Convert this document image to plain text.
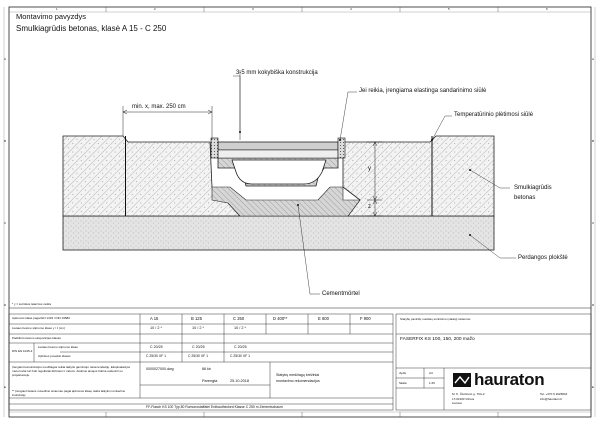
Montavimo pavyzdys
Smulkiagrūdis betonas, klasė A 15 - C 250
1	2	3	4	5	6
A
B
C
D
E
A
B
C
D
E
3-5 mm kokybiška konstrukcija
min. x, max. 250 cm
Jei reikia, įrengiama elastinga sandarinimo siūlė
Temperatūrinio plėtimosi siūlė
Smulkiagrūdis
betonas
Perdangos plokštė
Cementmörtel
y
z
* y = sutrūkus tatai bus netiks
Apkrovos klasė pagal EN 1433 / DIN 19580	A 15	B 125	C 250	D 400**	E 600	F 900
Lietaus betono stiprumo klasė y / z (cm)	10 / 2 *	10 / 2 *	10 / 2 *
Padidinto betono ekspozicijos klasės
DIN EN 1045-2
Lietaus betono stiprumo klasė	C 20/25	C 20/25	C 20/25
Aplinkos poveikio klasės	C 25/30 XF 1	C 25/30 XF 1	C 25/30 XF 1
Įrengiant konstrukcijos medžiagas reikia laikytis gamintojo rekomendacijų. Eksploatacijos metu loviai turi būti reguliariai tikrinami ir valomi. Atskirus atvejus būtina suderinti su projektuotoju.
** Įrengiant lietaus nuvedimo sistemas pagal apkrovos klasę reikia laikytis montavimo instrukcijų.
0000027000.dwg	88 kb
Parengta	25.10.2018
Statybų medžiagų brėžiniai
montavimo rekomendacijos
FF-Flasch KS 100 Typ 80 Rumonostaffatel Erdbauthecked Klasse C 250 m Zementschaum
Statybų paviršių nuotėkų surinkimo (vatalų) sistemos:
FASERFIX KS 100, 150, 200 mažo
dydis	A4
Skala	1:25 hauraton
M. K. Čiurlionio g. 70A-2
LT-03100 Vilnius
Lietuva
Tel. +370 6 2626844
info@hauraton.lt
